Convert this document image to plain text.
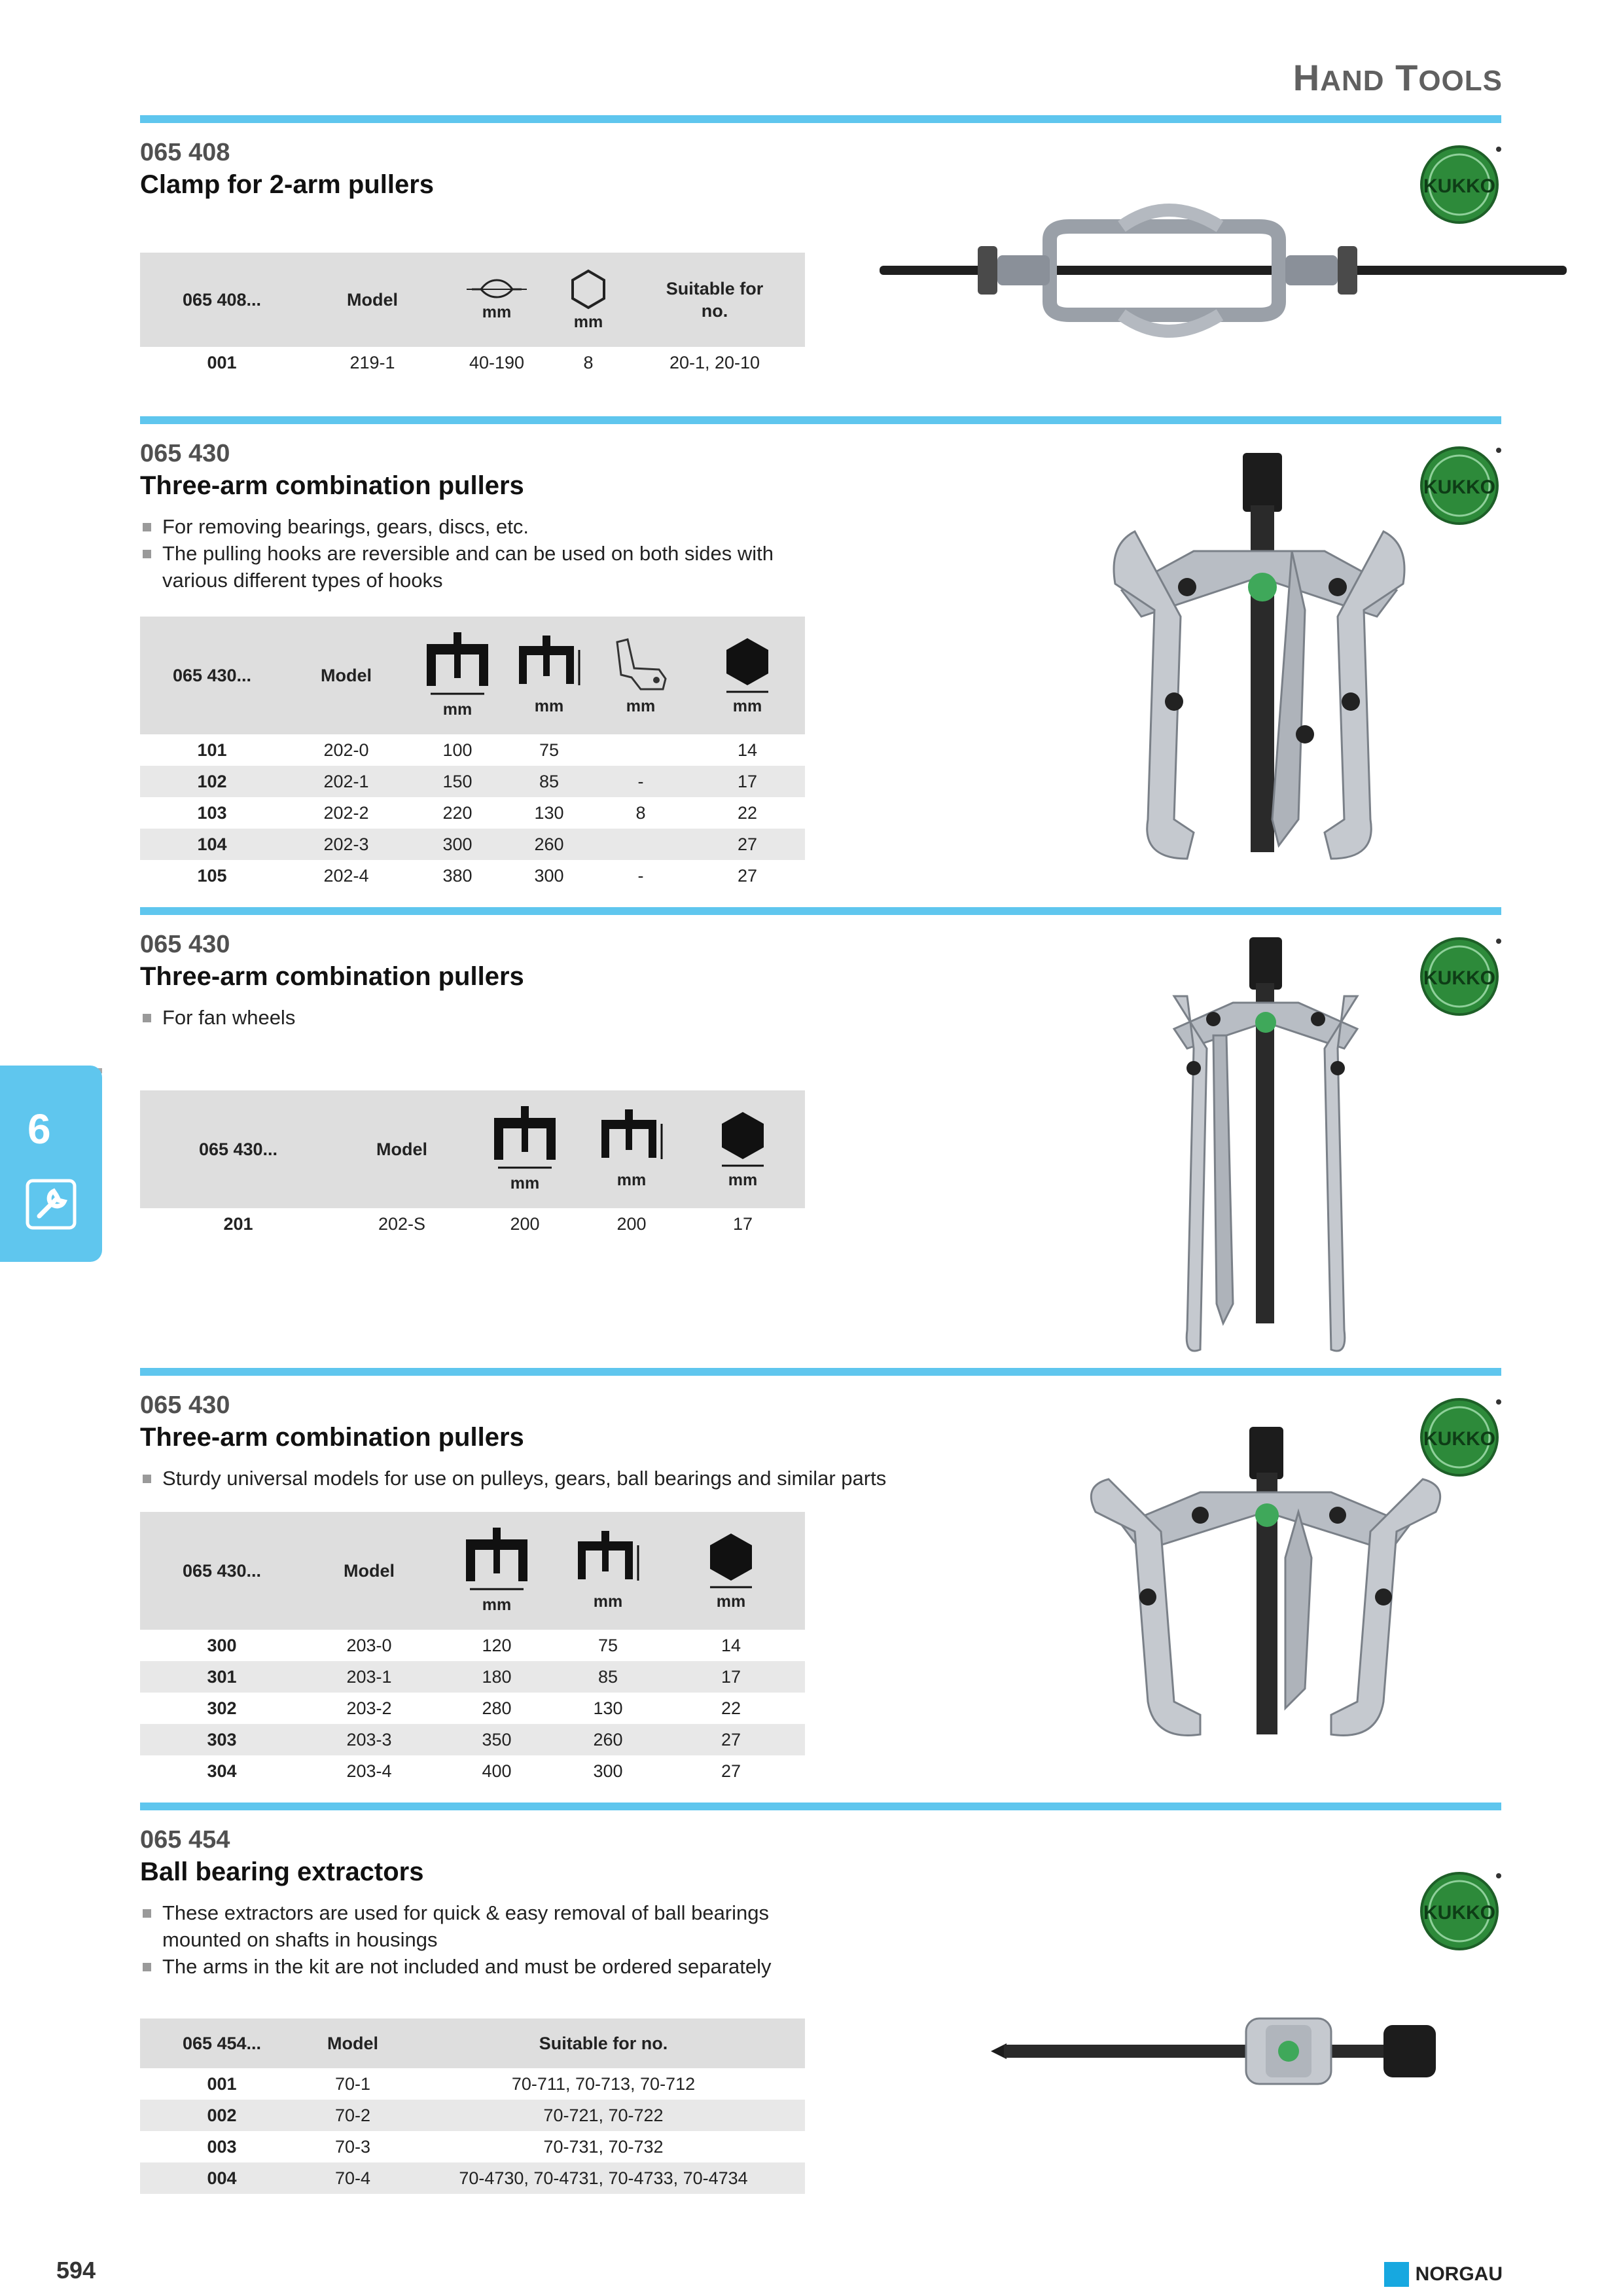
HAND TOOLS
6
065 408
Clamp for 2-arm pullers
065 408...	Model	mm	mm	Suitable for no.

001	219-1	40-190	8	20-1, 20-10
KUKKO
065 430
Three-arm combination pullers
For removing bearings, gears, discs, etc.
The pulling hooks are reversible and can be used on both sides with various different types of hooks
065 430...	Model	mm	mm	mm	mm

101	202-0	100	75		14
102	202-1	150	85	-	17
103	202-2	220	130	8	22
104	202-3	300	260		27
105	202-4	380	300	-	27
KUKKO
065 430
Three-arm combination pullers
For fan wheels
065 430...	Model	mm	mm	mm

201	202-S	200	200	17
KUKKO
065 430
Three-arm combination pullers
Sturdy universal models for use on pulleys, gears, ball bearings and similar parts
065 430...	Model	mm	mm	mm

300	203-0	120	75	14
301	203-1	180	85	17
302	203-2	280	130	22
303	203-3	350	260	27
304	203-4	400	300	27
KUKKO
065 454
Ball bearing extractors
These extractors are used for quick & easy removal of ball bearings mounted on shafts in housings
The arms in the kit are not included and must be ordered separately
065 454...	Model	Suitable for no.
001	70-1	70-711, 70-713, 70-712
002	70-2	70-721, 70-722
003	70-3	70-731, 70-732
004	70-4	70-4730, 70-4731, 70-4733, 70-4734
KUKKO
594	NORGAU
